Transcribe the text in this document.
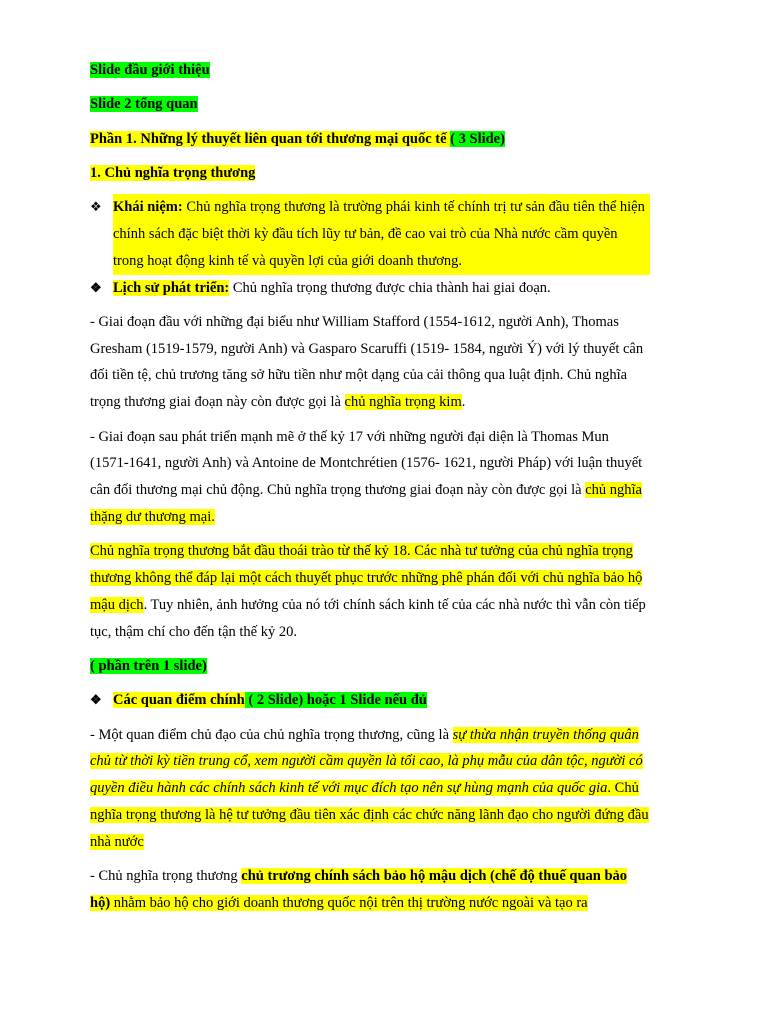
Slide đầu giới thiệu

Slide 2 tổng quan

Phần 1. Những lý thuyết liên quan tới thương mại quốc tế ( 3 Slide)

1. Chủ nghĩa trọng thương

❖ Khái niệm: Chủ nghĩa trọng thương là trường phái kinh tế chính trị tư sản đầu tiên thể hiện chính sách đặc biệt thời kỳ đầu tích lũy tư bản, đề cao vai trò của Nhà nước cầm quyền trong hoạt động kinh tế và quyền lợi của giới doanh thương.
❖ Lịch sử phát triển: Chủ nghĩa trọng thương được chia thành hai giai đoạn.

- Giai đoạn đầu với những đại biểu như William Stafford (1554-1612, người Anh), Thomas Gresham (1519-1579, người Anh) và Gasparo Scaruffi (1519- 1584, người Ý) với lý thuyết cân đối tiền tệ, chủ trương tăng sở hữu tiền như một dạng của cải thông qua luật định. Chủ nghĩa trọng thương giai đoạn này còn được gọi là chủ nghĩa trọng kim.

- Giai đoạn sau phát triển mạnh mẽ ở thế kỷ 17 với những người đại diện là Thomas Mun (1571-1641, người Anh) và Antoine de Montchrétien (1576- 1621, người Pháp) với luận thuyết cân đối thương mại chủ động. Chủ nghĩa trọng thương giai đoạn này còn được gọi là chủ nghĩa thặng dư thương mại.

Chủ nghĩa trọng thương bắt đầu thoái trào từ thế kỷ 18. Các nhà tư tưởng của chủ nghĩa trọng thương không thể đáp lại một cách thuyết phục trước những phê phán đối với chủ nghĩa bảo hộ mậu dịch. Tuy nhiên, ảnh hưởng của nó tới chính sách kinh tế của các nhà nước thì vẫn còn tiếp tục, thậm chí cho đến tận thế kỷ 20.

( phần trên 1 slide)

❖ Các quan điểm chính ( 2 Slide) hoặc 1 Slide nếu đủ

- Một quan điểm chủ đạo của chủ nghĩa trọng thương, cũng là sự thừa nhận truyền thống quân chủ từ thời kỳ tiền trung cổ, xem người cầm quyền là tối cao, là phụ mẫu của dân tộc, người có quyền điều hành các chính sách kinh tế với mục đích tạo nên sự hùng mạnh của quốc gia. Chủ nghĩa trọng thương là hệ tư tưởng đầu tiên xác định các chức năng lãnh đạo cho người đứng đầu nhà nước

- Chủ nghĩa trọng thương chủ trương chính sách bảo hộ mậu dịch (chế độ thuế quan bảo hộ) nhằm bảo hộ cho giới doanh thương quốc nội trên thị trường nước ngoài và tạo ra
